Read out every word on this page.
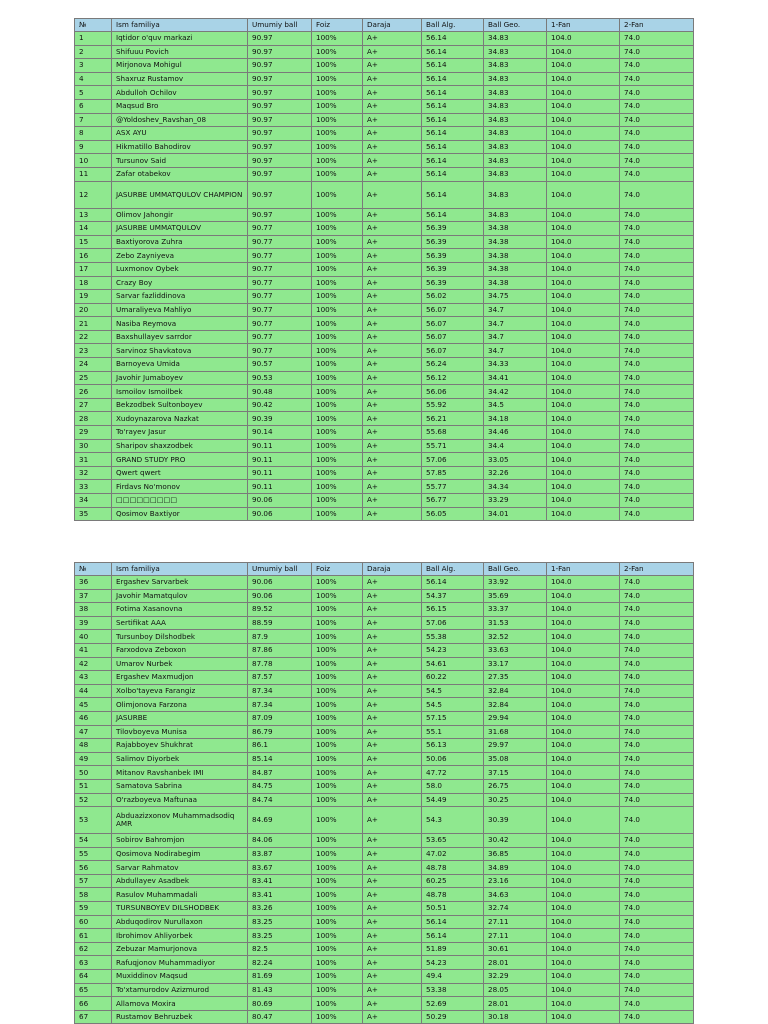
№	Ism familiya	Umumiy ball	Foiz	Daraja	Ball Alg.	Ball Geo.	1-Fan	2-Fan
1	Iqtidor o'quv markazi	90.97	100%	A+	56.14	34.83	104.0	74.0
2	Shifuuu Povich	90.97	100%	A+	56.14	34.83	104.0	74.0
3	Mirjonova Mohigul	90.97	100%	A+	56.14	34.83	104.0	74.0
4	Shaxruz Rustamov	90.97	100%	A+	56.14	34.83	104.0	74.0
5	Abdulloh Ochilov	90.97	100%	A+	56.14	34.83	104.0	74.0
6	Maqsud Bro	90.97	100%	A+	56.14	34.83	104.0	74.0
7	@Yoldoshev_Ravshan_08	90.97	100%	A+	56.14	34.83	104.0	74.0
8	ASX AYU	90.97	100%	A+	56.14	34.83	104.0	74.0
9	Hikmatillo Bahodirov	90.97	100%	A+	56.14	34.83	104.0	74.0
10	Tursunov Said	90.97	100%	A+	56.14	34.83	104.0	74.0
11	Zafar otabekov	90.97	100%	A+	56.14	34.83	104.0	74.0
12	JASURBE UMMATQULOV CHAMPION	90.97	100%	A+	56.14	34.83	104.0	74.0
13	Olimov Jahongir	90.97	100%	A+	56.14	34.83	104.0	74.0
14	JASURBE UMMATQULOV	90.77	100%	A+	56.39	34.38	104.0	74.0
15	Baxtiyorova Zuhra	90.77	100%	A+	56.39	34.38	104.0	74.0
16	Zebo Zayniyeva	90.77	100%	A+	56.39	34.38	104.0	74.0
17	Luxmonov Oybek	90.77	100%	A+	56.39	34.38	104.0	74.0
18	Crazy Boy	90.77	100%	A+	56.39	34.38	104.0	74.0
19	Sarvar fazliddinova	90.77	100%	A+	56.02	34.75	104.0	74.0
20	Umaraliyeva Mahliyo	90.77	100%	A+	56.07	34.7	104.0	74.0
21	Nasiba Reymova	90.77	100%	A+	56.07	34.7	104.0	74.0
22	Baxshullayev sarrdor	90.77	100%	A+	56.07	34.7	104.0	74.0
23	Sarvinoz Shavkatova	90.77	100%	A+	56.07	34.7	104.0	74.0
24	Barnoyeva Umida	90.57	100%	A+	56.24	34.33	104.0	74.0
25	Javohir Jumaboyev	90.53	100%	A+	56.12	34.41	104.0	74.0
26	Ismoilov Ismoilbek	90.48	100%	A+	56.06	34.42	104.0	74.0
27	Bekzodbek Sultonboyev	90.42	100%	A+	55.92	34.5	104.0	74.0
28	Xudoynazarova Nazkat	90.39	100%	A+	56.21	34.18	104.0	74.0
29	To'rayev Jasur	90.14	100%	A+	55.68	34.46	104.0	74.0
30	Sharipov shaxzodbek	90.11	100%	A+	55.71	34.4	104.0	74.0
31	GRAND STUDY PRO	90.11	100%	A+	57.06	33.05	104.0	74.0
32	Qwert qwert	90.11	100%	A+	57.85	32.26	104.0	74.0
33	Firdavs No'monov	90.11	100%	A+	55.77	34.34	104.0	74.0
34	□□□□□□□□□	90.06	100%	A+	56.77	33.29	104.0	74.0
35	Qosimov Baxtiyor	90.06	100%	A+	56.05	34.01	104.0	74.0
№	Ism familiya	Umumiy ball	Foiz	Daraja	Ball Alg.	Ball Geo.	1-Fan	2-Fan
36	Ergashev Sarvarbek	90.06	100%	A+	56.14	33.92	104.0	74.0
37	Javohir Mamatqulov	90.06	100%	A+	54.37	35.69	104.0	74.0
38	Fotima Xasanovna	89.52	100%	A+	56.15	33.37	104.0	74.0
39	Sertifikat AAA	88.59	100%	A+	57.06	31.53	104.0	74.0
40	Tursunboy Dilshodbek	87.9	100%	A+	55.38	32.52	104.0	74.0
41	Farxodova Zeboxon	87.86	100%	A+	54.23	33.63	104.0	74.0
42	Umarov Nurbek	87.78	100%	A+	54.61	33.17	104.0	74.0
43	Ergashev Maxmudjon	87.57	100%	A+	60.22	27.35	104.0	74.0
44	Xolbo'tayeva Farangiz	87.34	100%	A+	54.5	32.84	104.0	74.0
45	Olimjonova Farzona	87.34	100%	A+	54.5	32.84	104.0	74.0
46	JASURBE	87.09	100%	A+	57.15	29.94	104.0	74.0
47	Tilovboyeva Munisa	86.79	100%	A+	55.1	31.68	104.0	74.0
48	Rajabboyev Shukhrat	86.1	100%	A+	56.13	29.97	104.0	74.0
49	Salimov Diyorbek	85.14	100%	A+	50.06	35.08	104.0	74.0
50	Mitanov Ravshanbek IMI	84.87	100%	A+	47.72	37.15	104.0	74.0
51	Samatova Sabrina	84.75	100%	A+	58.0	26.75	104.0	74.0
52	O'razboyeva Maftunaa	84.74	100%	A+	54.49	30.25	104.0	74.0
53	Abduazizxonov Muhammadsodiq AMR	84.69	100%	A+	54.3	30.39	104.0	74.0
54	Sobirov Bahromjon	84.06	100%	A+	53.65	30.42	104.0	74.0
55	Qosimova Nodirabegim	83.87	100%	A+	47.02	36.85	104.0	74.0
56	Sarvar Rahmatov	83.67	100%	A+	48.78	34.89	104.0	74.0
57	Abdullayev Asadbek	83.41	100%	A+	60.25	23.16	104.0	74.0
58	Rasulov Muhammadali	83.41	100%	A+	48.78	34.63	104.0	74.0
59	TURSUNBOYEV DILSHODBEK	83.26	100%	A+	50.51	32.74	104.0	74.0
60	Abduqodirov Nurullaxon	83.25	100%	A+	56.14	27.11	104.0	74.0
61	Ibrohimov Ahliyorbek	83.25	100%	A+	56.14	27.11	104.0	74.0
62	Zebuzar Mamurjonova	82.5	100%	A+	51.89	30.61	104.0	74.0
63	Rafuqjonov Muhammadiyor	82.24	100%	A+	54.23	28.01	104.0	74.0
64	Muxiddinov Maqsud	81.69	100%	A+	49.4	32.29	104.0	74.0
65	To'xtamurodov Azizmurod	81.43	100%	A+	53.38	28.05	104.0	74.0
66	Allamova Moxira	80.69	100%	A+	52.69	28.01	104.0	74.0
67	Rustamov Behruzbek	80.47	100%	A+	50.29	30.18	104.0	74.0
